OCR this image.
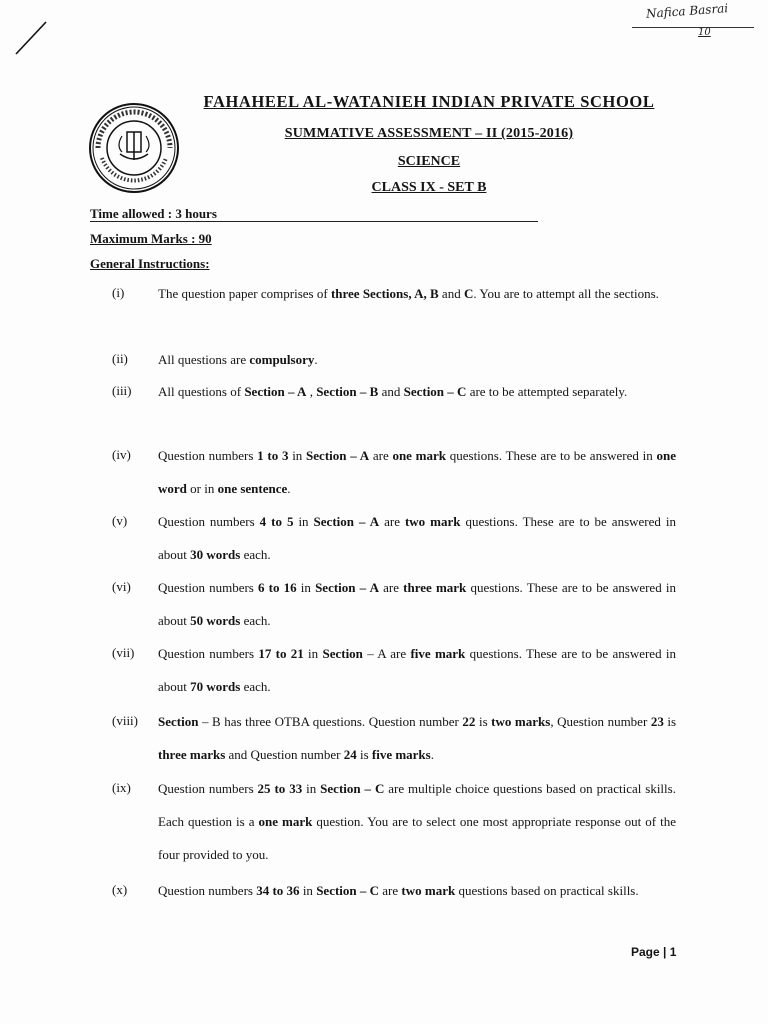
Nafica Basrai
10
FAHAHEEL AL-WATANIEH INDIAN PRIVATE SCHOOL
SUMMATIVE ASSESSMENT – II (2015-2016)
SCIENCE
CLASS IX - SET B
Time allowed : 3 hours
Maximum Marks : 90
General Instructions:
(i)	The question paper comprises of three Sections, A, B and C. You are to attempt all the sections.
(ii)	All questions are compulsory.
(iii)	All questions of Section – A , Section – B and Section – C are to be attempted separately.
(iv)	Question numbers 1 to 3 in Section – A are one mark questions. These are to be answered in one word or in one sentence.
(v)	Question numbers 4 to 5 in Section – A are two mark questions. These are to be answered in about 30 words each.
(vi)	Question numbers 6 to 16 in Section – A are three mark questions. These are to be answered in about 50 words each.
(vii)	Question numbers 17 to 21 in Section – A are five mark questions. These are to be answered in about 70 words each.
(viii)	Section – B has three OTBA questions. Question number 22 is two marks, Question number 23 is three marks and Question number 24 is five marks.
(ix)	Question numbers 25 to 33 in Section – C are multiple choice questions based on practical skills. Each question is a one mark question. You are to select one most appropriate response out of the four provided to you.
(x)	Question numbers 34 to 36 in Section – C are two mark questions based on practical skills.
Page | 1
